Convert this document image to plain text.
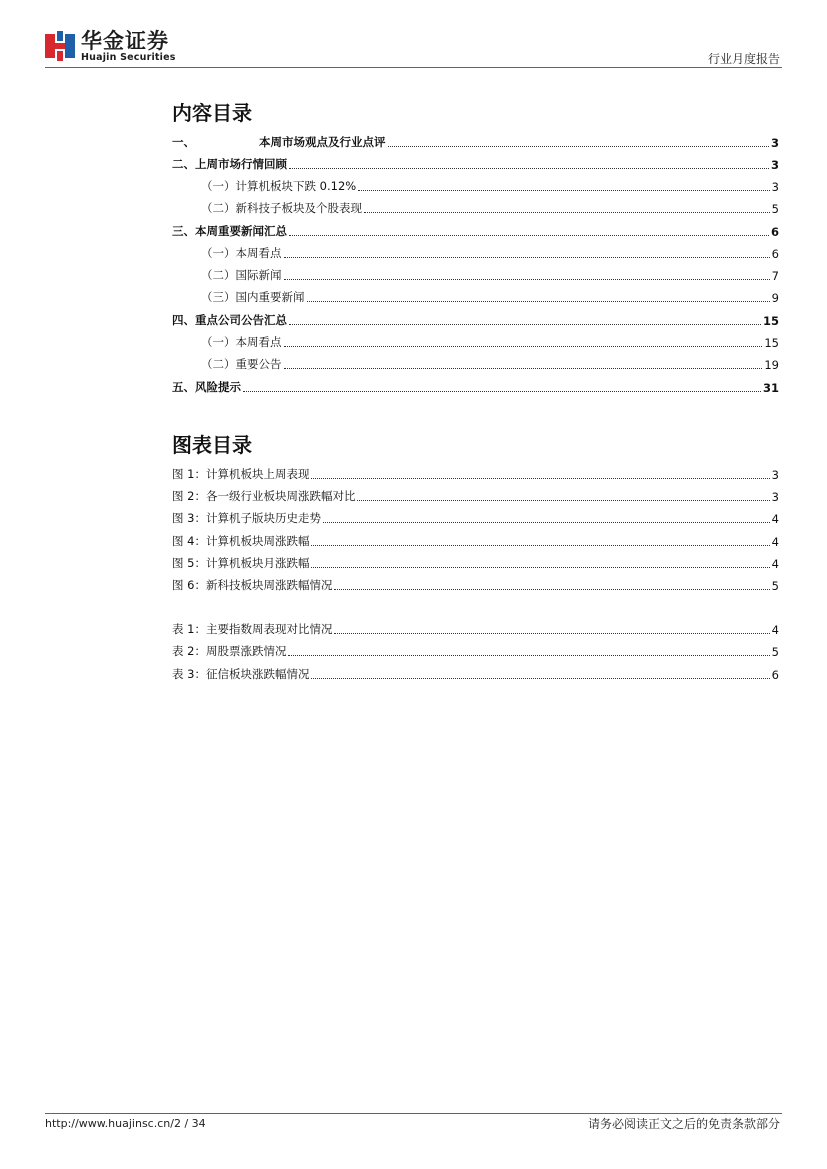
华金证券
Huajin Securities	行业月度报告
内容目录
一、	本周市场观点及行业点评	3
二、上周市场行情回顾	3
（一）计算机板块下跌 0.12%	3
（二）新科技子板块及个股表现	5
三、本周重要新闻汇总	6
（一）本周看点	6
（二）国际新闻	7
（三）国内重要新闻	9
四、重点公司公告汇总	15
（一）本周看点	15
（二）重要公告	19
五、风险提示	31
图表目录
图 1：计算机板块上周表现	3
图 2：各一级行业板块周涨跌幅对比	3
图 3：计算机子版块历史走势	4
图 4：计算机板块周涨跌幅	4
图 5：计算机板块月涨跌幅	4
图 6：新科技板块周涨跌幅情况	5
表 1：主要指数周表现对比情况	4
表 2：周股票涨跌情况	5
表 3：征信板块涨跌幅情况	6
http://www.huajinsc.cn/2 / 34	请务必阅读正文之后的免责条款部分
